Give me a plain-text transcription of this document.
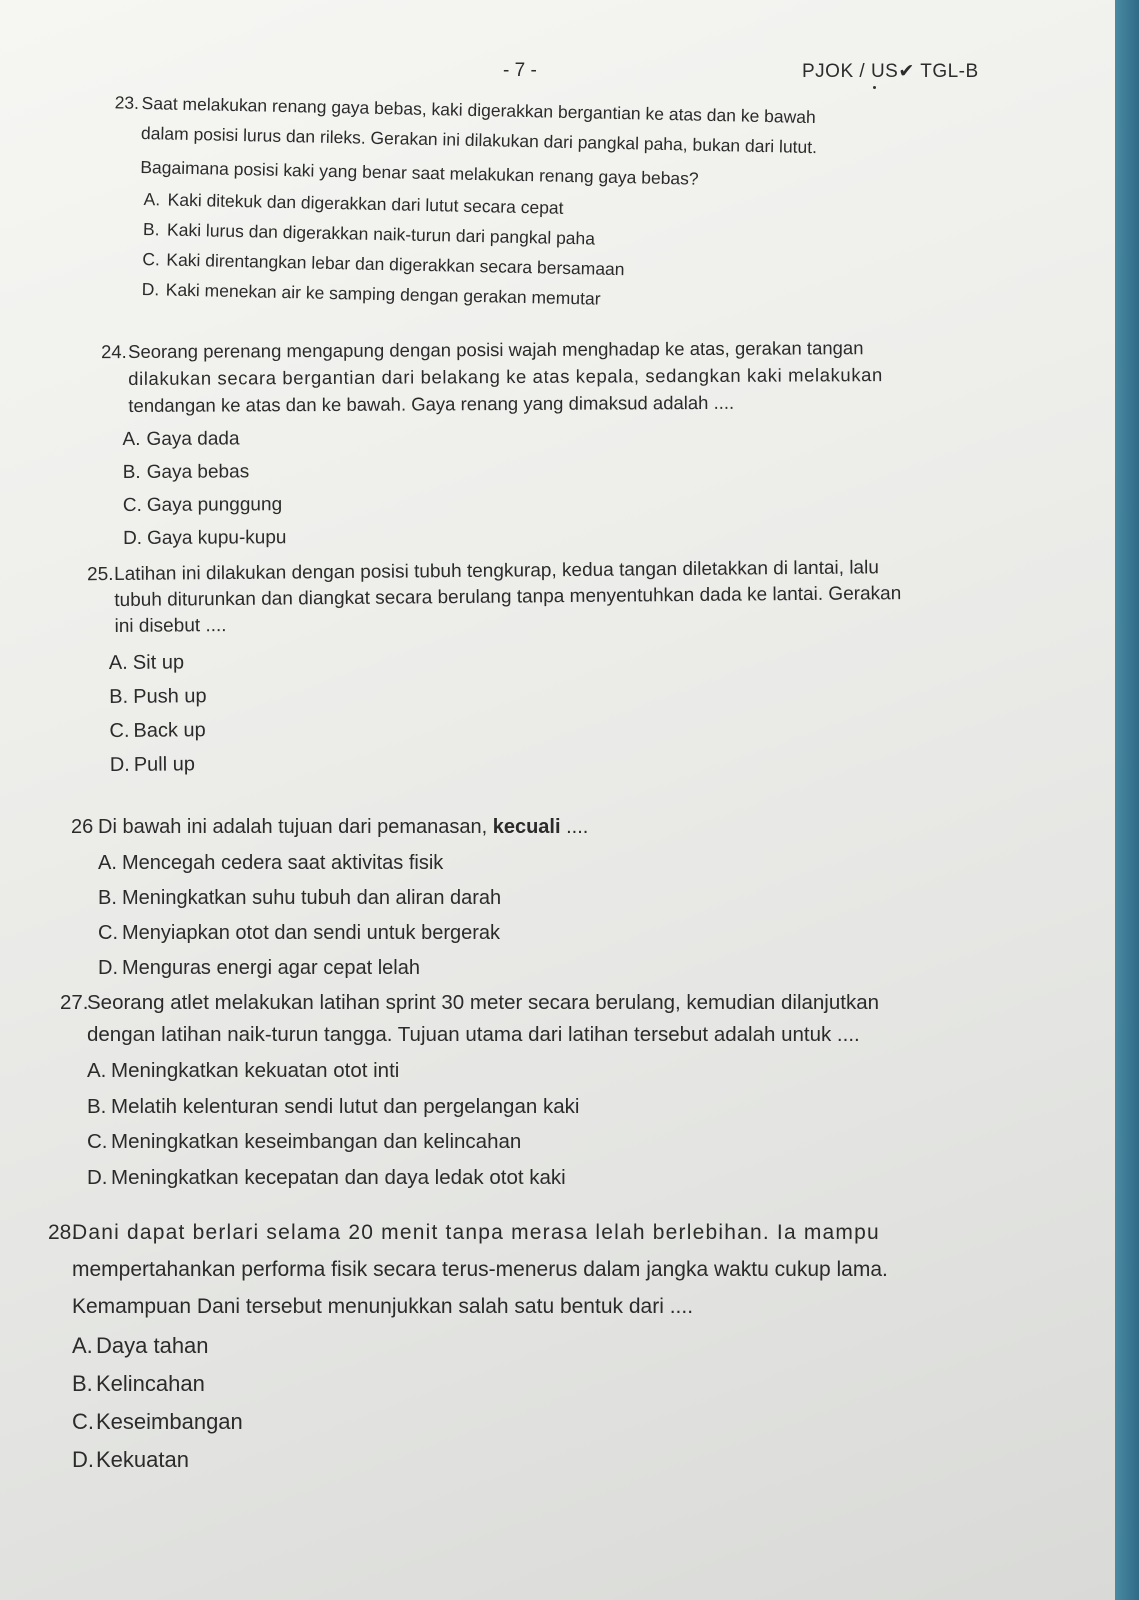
- 7 -	PJOK / US✔ TGL-B
23. Saat melakukan renang gaya bebas, kaki digerakkan bergantian ke atas dan ke bawah

dalam posisi lurus dan rileks. Gerakan ini dilakukan dari pangkal paha, bukan dari lutut.

Bagaimana posisi kaki yang benar saat melakukan renang gaya bebas?

A. Kaki ditekuk dan digerakkan dari lutut secara cepat

B. Kaki lurus dan digerakkan naik-turun dari pangkal paha

C. Kaki direntangkan lebar dan digerakkan secara bersamaan

D. Kaki menekan air ke samping dengan gerakan memutar

24. Seorang perenang mengapung dengan posisi wajah menghadap ke atas, gerakan tangan

dilakukan secara bergantian dari belakang ke atas kepala, sedangkan kaki melakukan

tendangan ke atas dan ke bawah. Gaya renang yang dimaksud adalah ....

A. Gaya dada

B. Gaya bebas

C. Gaya punggung

D. Gaya kupu-kupu

25. Latihan ini dilakukan dengan posisi tubuh tengkurap, kedua tangan diletakkan di lantai, lalu

tubuh diturunkan dan diangkat secara berulang tanpa menyentuhkan dada ke lantai. Gerakan

ini disebut ....

A. Sit up

B. Push up

C. Back up

D. Pull up

26 Di bawah ini adalah tujuan dari pemanasan, kecuali ....

A. Mencegah cedera saat aktivitas fisik

B. Meningkatkan suhu tubuh dan aliran darah

C. Menyiapkan otot dan sendi untuk bergerak

D. Menguras energi agar cepat lelah

27.

Seorang atlet melakukan latihan sprint 30 meter secara berulang, kemudian dilanjutkan

dengan latihan naik-turun tangga. Tujuan utama dari latihan tersebut adalah untuk ....

A. Meningkatkan kekuatan otot inti

B. Melatih kelenturan sendi lutut dan pergelangan kaki

C. Meningkatkan keseimbangan dan kelincahan

D. Meningkatkan kecepatan dan daya ledak otot kaki

28.

Dani dapat berlari selama 20 menit tanpa merasa lelah berlebihan. Ia mampu

mempertahankan performa fisik secara terus-menerus dalam jangka waktu cukup lama.

Kemampuan Dani tersebut menunjukkan salah satu bentuk dari ....

A. Daya tahan

B. Kelincahan

C.Keseimbangan

D.Kekuatan
